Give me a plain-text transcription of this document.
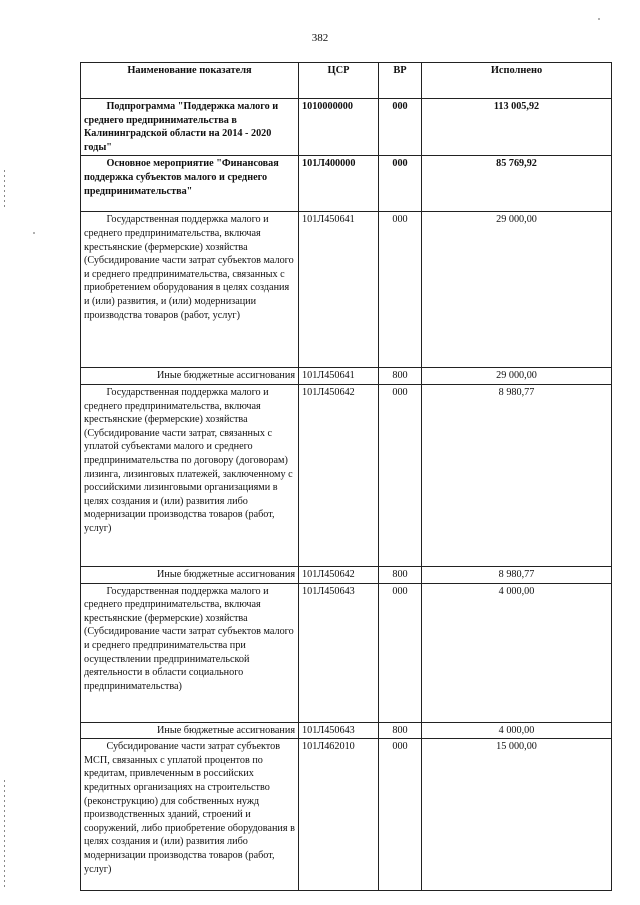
382
Наименование показателя	ЦСР	ВР	Исполнено
Подпрограмма "Поддержка малого и среднего предпринимательства в Калининградской области на 2014 - 2020 годы"	1010000000	000	113 005,92
Основное мероприятие "Финансовая поддержка субъектов малого и среднего предпринимательства"	101Л400000	000	85 769,92
Государственная поддержка малого и среднего предпринимательства, включая крестьянские (фермерские) хозяйства (Субсидирование части затрат субъектов малого и среднего предпринимательства, связанных с приобретением оборудования в целях создания и (или) развития, и (или) модернизации производства товаров (работ, услуг)	101Л450641	000	29 000,00
Иные бюджетные ассигнования	101Л450641	800	29 000,00
Государственная поддержка малого и среднего предпринимательства, включая крестьянские (фермерские) хозяйства (Субсидирование части затрат, связанных с уплатой субъектами малого и среднего предпринимательства по договору (договорам) лизинга, лизинговых платежей, заключенному с российскими лизинговыми организациями в целях создания и (или) развития либо модернизации производства товаров (работ, услуг)	101Л450642	000	8 980,77
Иные бюджетные ассигнования	101Л450642	800	8 980,77
Государственная поддержка малого и среднего предпринимательства, включая крестьянские (фермерские) хозяйства (Субсидирование части затрат субъектов малого и среднего предпринимательства при осуществлении предпринимательской деятельности в области социального предпринимательства)	101Л450643	000	4 000,00
Иные бюджетные ассигнования	101Л450643	800	4 000,00
Субсидирование части затрат субъектов МСП, связанных с уплатой процентов по кредитам, привлеченным в российских кредитных организациях на строительство (реконструкцию) для собственных нужд производственных зданий, строений и сооружений, либо приобретение оборудования в целях создания и (или) развития либо модернизации производства товаров (работ, услуг)	101Л462010	000	15 000,00
